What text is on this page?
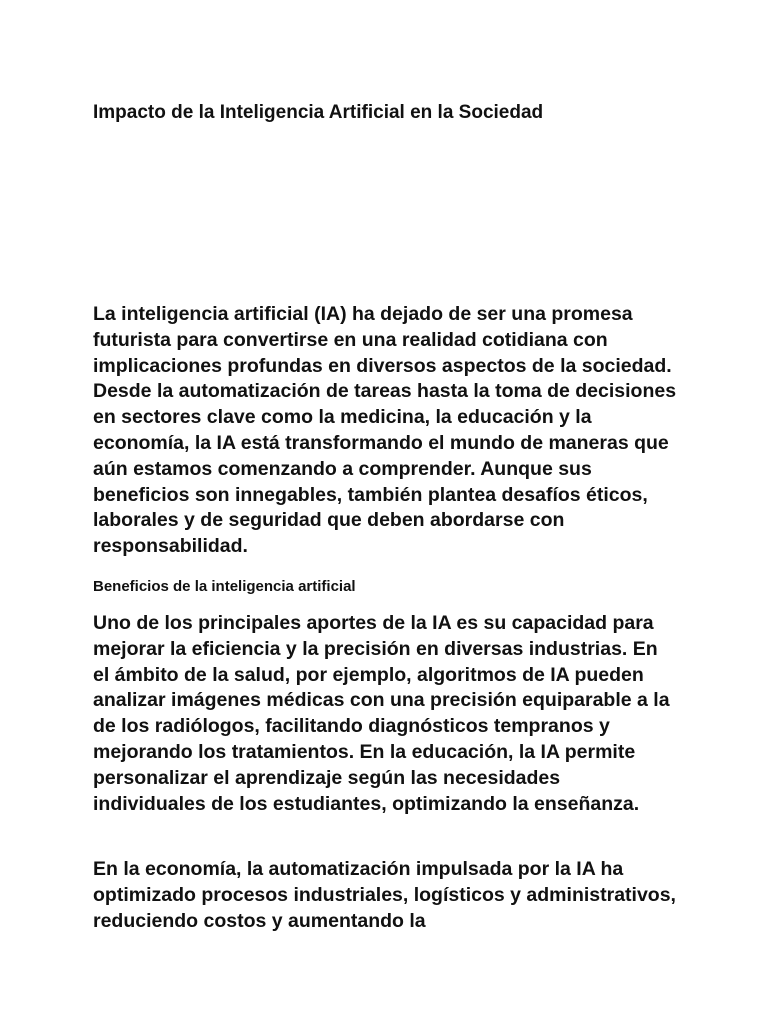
Impacto de la Inteligencia Artificial en la Sociedad

La inteligencia artificial (IA) ha dejado de ser una promesa futurista para convertirse en una realidad cotidiana con implicaciones profundas en diversos aspectos de la sociedad. Desde la automatización de tareas hasta la toma de decisiones en sectores clave como la medicina, la educación y la economía, la IA está transformando el mundo de maneras que aún estamos comenzando a comprender. Aunque sus beneficios son innegables, también plantea desafíos éticos, laborales y de seguridad que deben abordarse con responsabilidad.

Beneficios de la inteligencia artificial

Uno de los principales aportes de la IA es su capacidad para mejorar la eficiencia y la precisión en diversas industrias. En el ámbito de la salud, por ejemplo, algoritmos de IA pueden analizar imágenes médicas con una precisión equiparable a la de los radiólogos, facilitando diagnósticos tempranos y mejorando los tratamientos. En la educación, la IA permite personalizar el aprendizaje según las necesidades individuales de los estudiantes, optimizando la enseñanza.

En la economía, la automatización impulsada por la IA ha optimizado procesos industriales, logísticos y administrativos, reduciendo costos y aumentando la
